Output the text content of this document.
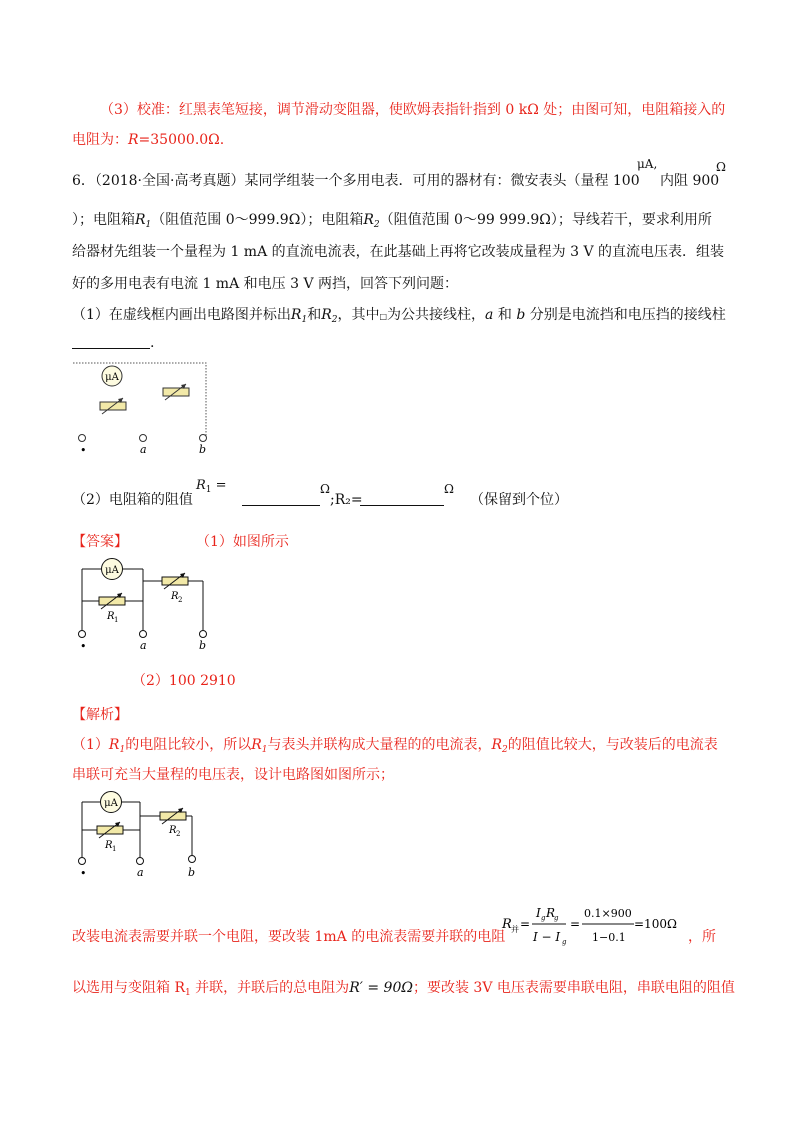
（3）校准：红黑表笔短接，调节滑动变阻器，使欧姆表指针指到 0 kΩ 处；由图可知，电阻箱接入的
电阻为：R=35000.0Ω.
6．（2018·全国·高考真题）某同学组装一个多用电表．可用的器材有：微安表头（量程 100
μA,
内阻 900
Ω
）；电阻箱$R_1$（阻值范围 0～999.9Ω）；电阻箱$R_2$（阻值范围 0～99 999.9Ω）；导线若干，要求利用所
给器材先组装一个量程为 1 mA 的直流电流表，在此基础上再将它改装成量程为 3 V 的直流电压表．组装
好的多用电表有电流 1 mA 和电压 3 V 两挡，回答下列问题：
（1）在虚线框内画出电路图并标出$R_1$和$R_2$，其中□为公共接线柱，a 和 b 分别是电流挡和电压挡的接线柱
.
μA
•	a	b
（2）电阻箱的阻值
$R_1$ =	Ω
;R₂=
Ω
（保留到个位）
【答案】	（1）如图所示
μA
R 1
R 2
•	a	b
（2）100 2910
【解析】
$(1)R_1$的电阻比较小，所以$R_1$与表头并联构成大量程的的电流表，$R_2$的阻值比较大，与改装后的电流表
串联可充当大量程的电压表，设计电路图如图所示；
μA
R 1
R 2
•	a	b
改装电流表需要并联一个电阻，要改装 1mA 的电流表需要并联的电阻
R 并 =
I g R
g
I − I g
=
0.1×900
1−0.1
=100Ω
，所
以选用与变阻箱 $R_1$ 并联，并联后的总电阻为R′ = 90Ω；要改装 3V 电压表需要串联电阻，串联电阻的阻值
